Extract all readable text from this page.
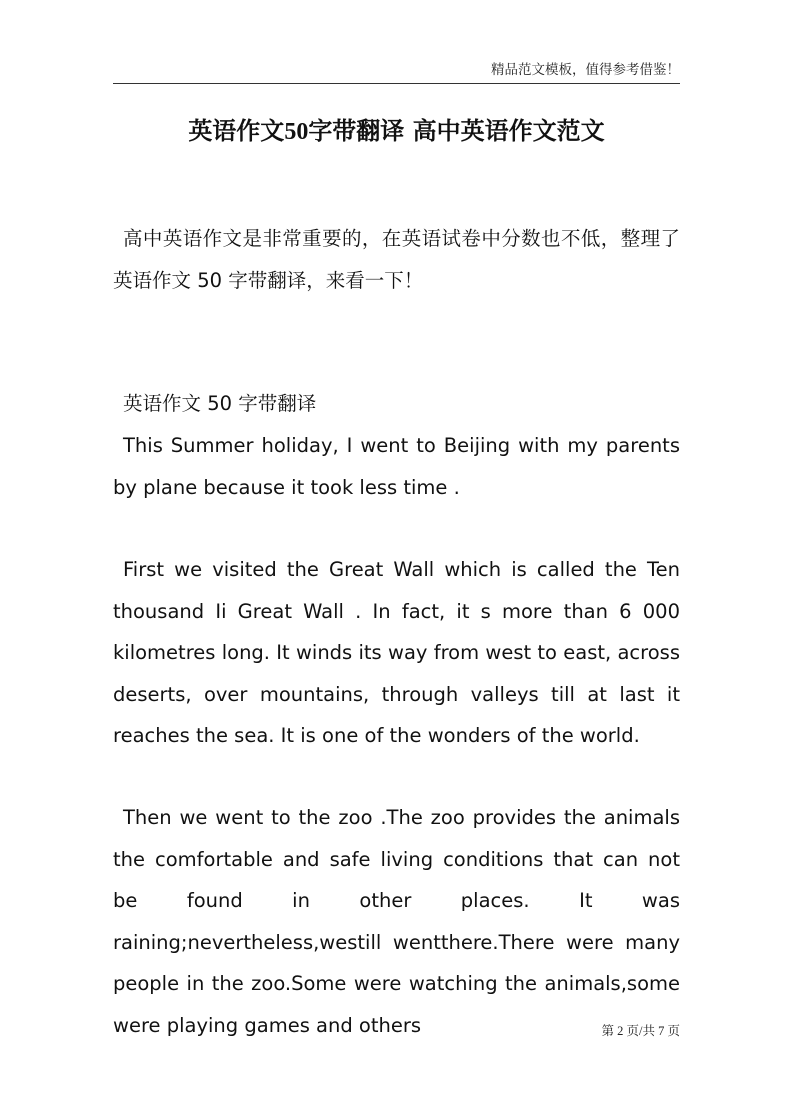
精品范文模板，值得参考借鉴！
英语作文50字带翻译 高中英语作文范文
高中英语作文是非常重要的，在英语试卷中分数也不低，整理了英语作文 50 字带翻译，来看一下！
英语作文 50 字带翻译
This Summer holiday, I went to Beijing with my parents by plane because it took less time .
First we visited the Great Wall which is called the Ten thousand Ii Great Wall . In fact, it s more than 6 000 kilometres long. It winds its way from west to east, across deserts, over mountains, through valleys till at last it reaches the sea. It is one of the wonders of the world.
Then we went to the zoo .The zoo provides the animals the comfortable and safe living conditions that can not be found in other places. It was raining;nevertheless,westill wentthere.There were many people in the zoo.Some were watching the animals,some were playing games and others	第 2 页/共 7 页
